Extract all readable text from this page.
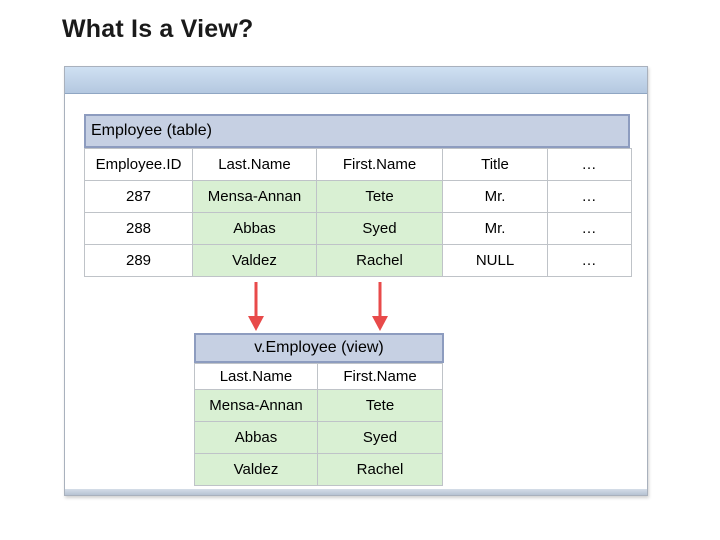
What Is a View?
Employee (table)
Employee.ID	Last.Name	First.Name	Title	…
287	Mensa-Annan	Tete	Mr.	…
288	Abbas	Syed	Mr.	…
289	Valdez	Rachel	NULL	…
v.Employee (view)
Last.Name	First.Name
Mensa-Annan	Tete
Abbas	Syed
Valdez	Rachel
